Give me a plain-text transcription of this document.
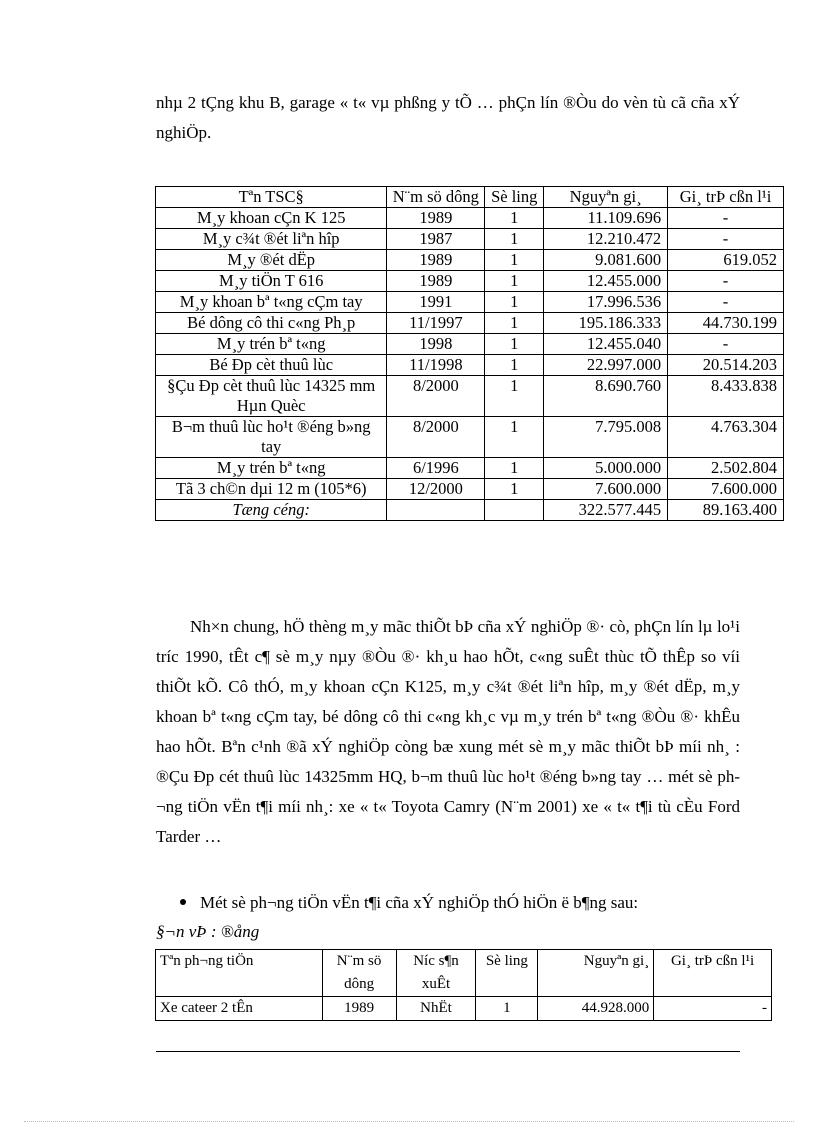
nhµ 2 tÇng khu B, garage « t« vµ phßng y tÕ … phÇn lín ®Òu do vèn tù cã cña xÝ nghiÖp.

Tªn TSC§	N¨m sö dông	Sè ling	Nguyªn gi¸	Gi¸ trÞ cßn l¹i
M¸y khoan cÇn K 125	1989	1	11.109.696	-
M¸y c¾t ®ét liªn hîp	1987	1	12.210.472	-
M¸y ®ét dËp	1989	1	9.081.600	619.052
M¸y tiÖn T 616	1989	1	12.455.000	-
M¸y khoan bª t«ng cÇm tay	1991	1	17.996.536	-
Bé dông cô thi c«ng Ph¸p	11/1997	1	195.186.333	44.730.199
M¸y trén bª t«ng	1998	1	12.455.040	-
Bé Ðp cèt thuû lùc	11/1998	1	22.997.000	20.514.203
§Çu Ðp cèt thuû lùc 14325 mm Hµn Quèc	8/2000	1	8.690.760	8.433.838
B¬m thuû lùc ho¹t ®éng b»ng tay	8/2000	1	7.795.008	4.763.304
M¸y trén bª t«ng	6/1996	1	5.000.000	2.502.804
Tã 3 ch©n dµi 12 m (105*6)	12/2000	1	7.600.000	7.600.000
Tæng céng:			322.577.445	89.163.400

Nh×n chung, hÖ thèng m¸y mãc thiÕt bÞ cña xÝ nghiÖp ®· cò, phÇn lín lµ lo¹i tríc 1990, tÊt c¶ sè m¸y nµy ®Òu ®· kh¸u hao hÕt, c«ng suÊt thùc tÕ thÊp so víi thiÕt kÕ. Cô thÓ, m¸y khoan cÇn K125, m¸y c¾t ®ét liªn hîp, m¸y ®ét dËp, m¸y khoan bª t«ng cÇm tay, bé dông cô thi c«ng kh¸c vµ m¸y trén bª t«ng ®Òu ®· khÊu hao hÕt. Bªn c¹nh ®ã xÝ nghiÖp còng bæ xung mét sè m¸y mãc thiÕt bÞ míi nh¸ : ®Çu Ðp cét thuû lùc 14325mm HQ, b¬m thuû lùc ho¹t ®éng b»ng tay … mét sè ph¬ng tiÖn vËn t¶i míi nh¸: xe « t« Toyota Camry (N¨m 2001) xe « t« t¶i tù cÈu Ford Tarder …

Mét sè ph¬ng tiÖn vËn t¶i cña xÝ nghiÖp thÓ hiÖn ë b¶ng sau:
§¬n vÞ : ®ång
Tªn ph¬ng tiÖn	N¨m sö dông	Níc s¶n xuÊt	Sè ling	Nguyªn gi¸	Gi¸ trÞ cßn l¹i
Xe cateer 2 tÊn	1989	NhËt	1	44.928.000	-
